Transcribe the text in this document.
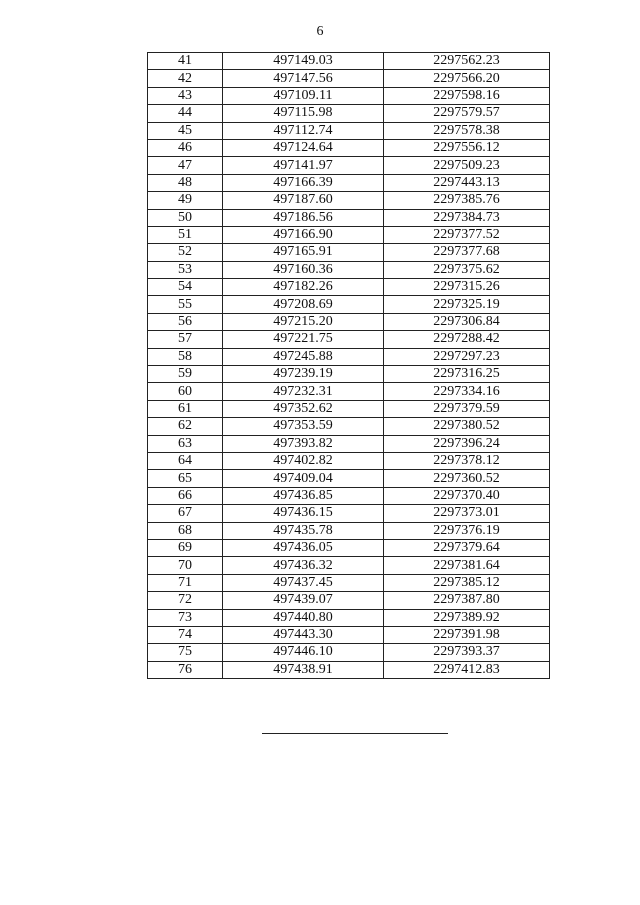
6
41	497149.03	2297562.23
42	497147.56	2297566.20
43	497109.11	2297598.16
44	497115.98	2297579.57
45	497112.74	2297578.38
46	497124.64	2297556.12
47	497141.97	2297509.23
48	497166.39	2297443.13
49	497187.60	2297385.76
50	497186.56	2297384.73
51	497166.90	2297377.52
52	497165.91	2297377.68
53	497160.36	2297375.62
54	497182.26	2297315.26
55	497208.69	2297325.19
56	497215.20	2297306.84
57	497221.75	2297288.42
58	497245.88	2297297.23
59	497239.19	2297316.25
60	497232.31	2297334.16
61	497352.62	2297379.59
62	497353.59	2297380.52
63	497393.82	2297396.24
64	497402.82	2297378.12
65	497409.04	2297360.52
66	497436.85	2297370.40
67	497436.15	2297373.01
68	497435.78	2297376.19
69	497436.05	2297379.64
70	497436.32	2297381.64
71	497437.45	2297385.12
72	497439.07	2297387.80
73	497440.80	2297389.92
74	497443.30	2297391.98
75	497446.10	2297393.37
76	497438.91	2297412.83
